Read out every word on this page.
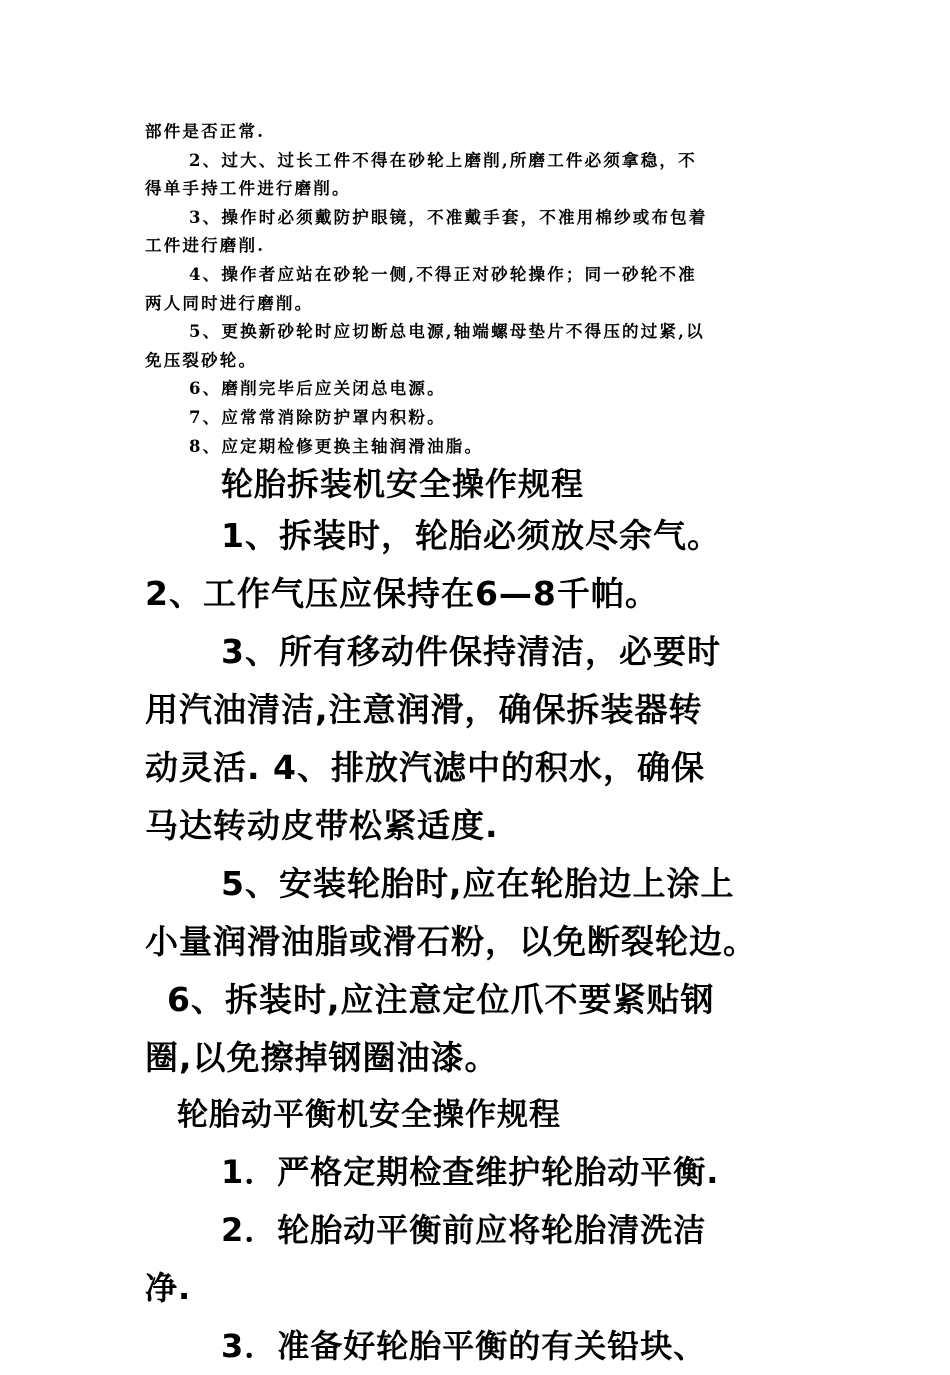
部件是否正常.

2、过大、过长工件不得在砂轮上磨削,所磨工件必须拿稳，不

得单手持工件进行磨削。

3、操作时必须戴防护眼镜，不准戴手套，不准用棉纱或布包着

工件进行磨削.

4、操作者应站在砂轮一侧,不得正对砂轮操作；同一砂轮不准

两人同时进行磨削。

5、更换新砂轮时应切断总电源,轴端螺母垫片不得压的过紧,以

免压裂砂轮。

6、磨削完毕后应关闭总电源。

7、应常常消除防护罩内积粉。

8、应定期检修更换主轴润滑油脂。

轮胎拆装机安全操作规程

1、拆装时，轮胎必须放尽余气。

2、工作气压应保持在6—8千帕。

3、所有移动件保持清洁，必要时

用汽油清洁,注意润滑，确保拆装器转

动灵活. 4、排放汽滤中的积水，确保

马达转动皮带松紧适度.

5、安装轮胎时,应在轮胎边上涂上

小量润滑油脂或滑石粉，以免断裂轮边。

6、拆装时,应注意定位爪不要紧贴钢

圈,以免擦掉钢圈油漆。

轮胎动平衡机安全操作规程

1．严格定期检查维护轮胎动平衡.

2．轮胎动平衡前应将轮胎清洗洁

净.

3．准备好轮胎平衡的有关铅块、
